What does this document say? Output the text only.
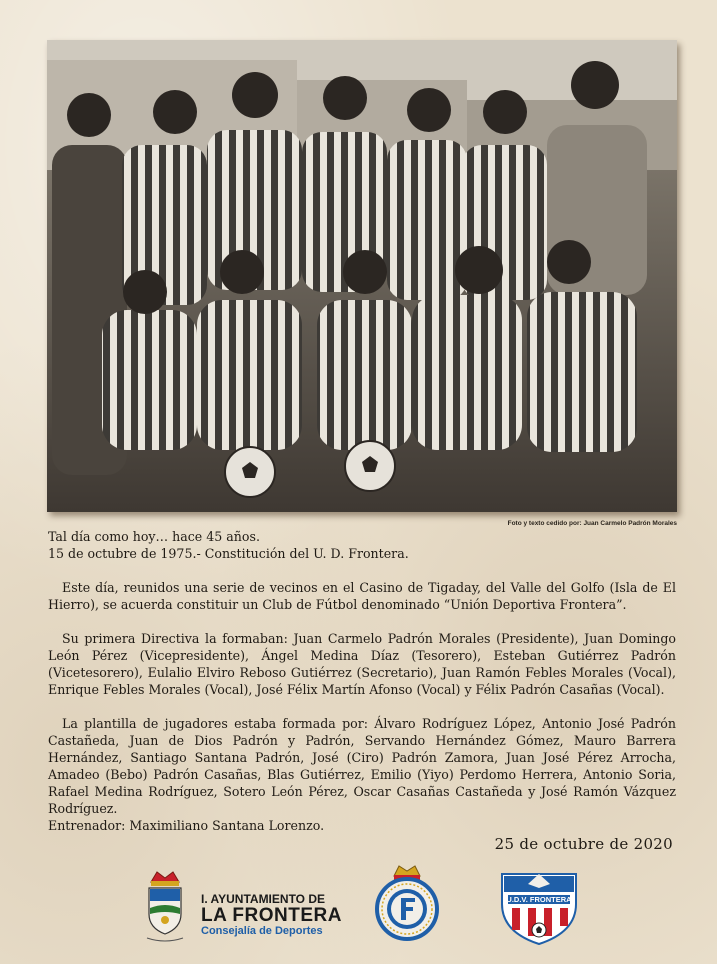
Foto y texto cedido por: Juan Carmelo Padrón Morales

Tal día como hoy… hace 45 años.

15 de octubre de 1975.- Constitución del U. D. Frontera.

Este día, reunidos una serie de vecinos en el Casino de Tigaday, del Valle del Golfo (Isla de El Hierro), se acuerda constituir un Club de Fútbol denominado “Unión Deportiva Frontera”.

Su primera Directiva la formaban: Juan Carmelo Padrón Morales (Presidente), Juan Domingo León Pérez (Vicepresidente), Ángel Medina Díaz (Tesorero), Esteban Gutiérrez Padrón (Vicetesorero), Eulalio Elviro Reboso Gutiérrez (Secretario), Juan Ramón Febles Morales (Vocal), Enrique Febles Morales (Vocal), José Félix Martín Afonso (Vocal) y Félix Padrón Casañas (Vocal).

La plantilla de jugadores estaba formada por: Álvaro Rodríguez López, Antonio José Padrón Castañeda, Juan de Dios Padrón y Padrón, Servando Hernández Gómez, Mauro Barrera Hernández, Santiago Santana Padrón, José (Ciro) Padrón Zamora, Juan José Pérez Arrocha, Amadeo (Bebo) Padrón Casañas, Blas Gutiérrez, Emilio (Yiyo) Perdomo Herrera, Antonio Soria, Rafael Medina Rodríguez, Sotero León Pérez, Oscar Casañas Castañeda y José Ramón Vázquez Rodríguez.

Entrenador: Maximiliano Santana Lorenzo.

25 de octubre de 2020
I. AYUNTAMIENTO DE
LA FRONTERA
Consejalía de Deportes
U.D.V. FRONTERA
